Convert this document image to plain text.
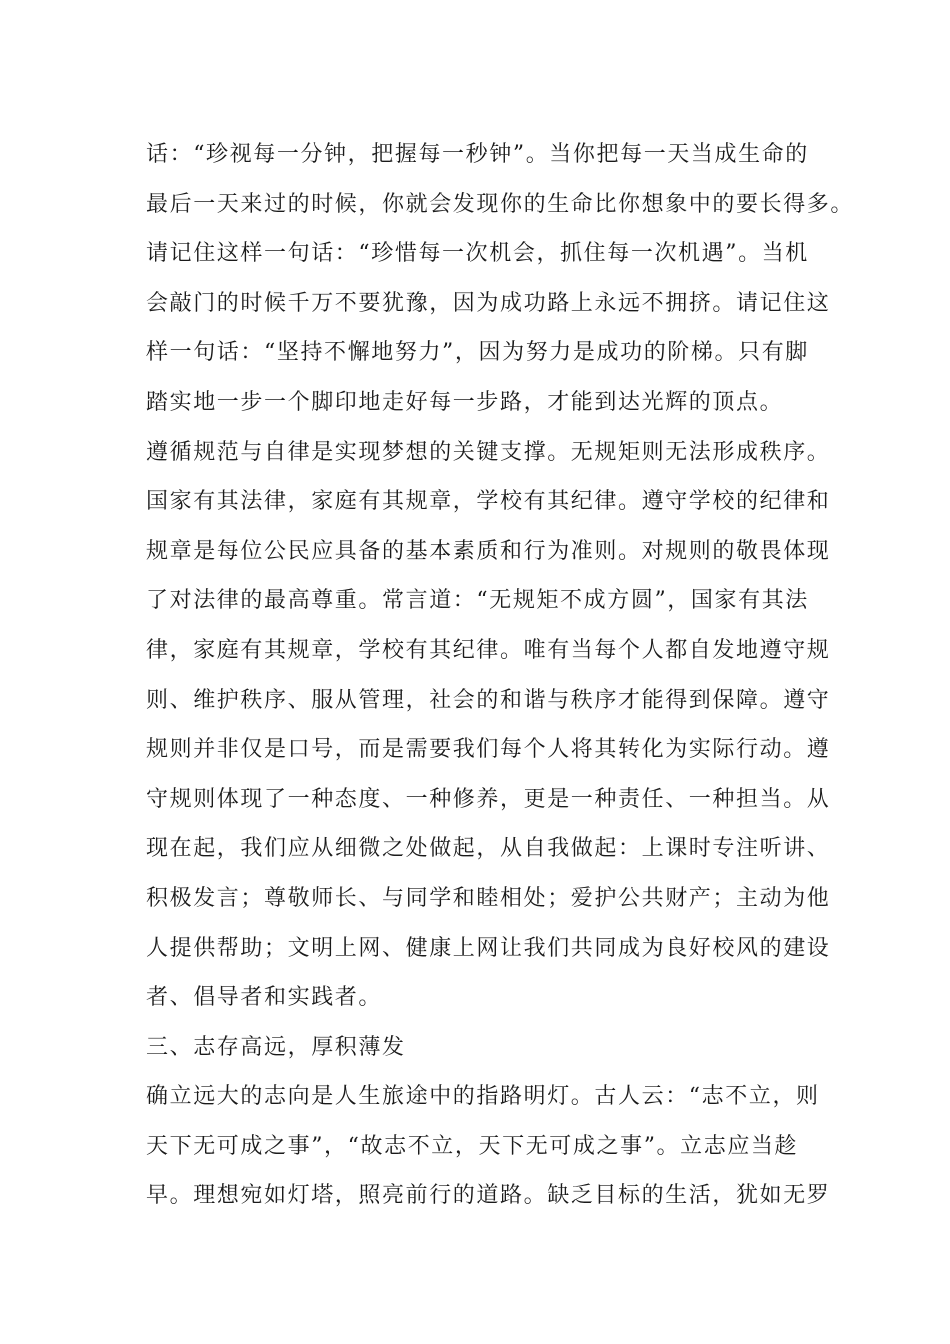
话：“珍视每一分钟，把握每一秒钟”。当你把每一天当成生命的
最后一天来过的时候，你就会发现你的生命比你想象中的要长得多。
请记住这样一句话：“珍惜每一次机会，抓住每一次机遇”。当机
会敲门的时候千万不要犹豫，因为成功路上永远不拥挤。请记住这
样一句话：“坚持不懈地努力”，因为努力是成功的阶梯。只有脚
踏实地一步一个脚印地走好每一步路，才能到达光辉的顶点。
遵循规范与自律是实现梦想的关键支撑。无规矩则无法形成秩序。
国家有其法律，家庭有其规章，学校有其纪律。遵守学校的纪律和
规章是每位公民应具备的基本素质和行为准则。对规则的敬畏体现
了对法律的最高尊重。常言道：“无规矩不成方圆”，国家有其法
律，家庭有其规章，学校有其纪律。唯有当每个人都自发地遵守规
则、维护秩序、服从管理，社会的和谐与秩序才能得到保障。遵守
规则并非仅是口号，而是需要我们每个人将其转化为实际行动。遵
守规则体现了一种态度、一种修养，更是一种责任、一种担当。从
现在起，我们应从细微之处做起，从自我做起：上课时专注听讲、
积极发言；尊敬师长、与同学和睦相处；爱护公共财产；主动为他
人提供帮助；文明上网、健康上网让我们共同成为良好校风的建设
者、倡导者和实践者。
三、志存高远，厚积薄发
确立远大的志向是人生旅途中的指路明灯。古人云：“志不立，则
天下无可成之事”，“故志不立，天下无可成之事”。立志应当趁
早。理想宛如灯塔，照亮前行的道路。缺乏目标的生活，犹如无罗
